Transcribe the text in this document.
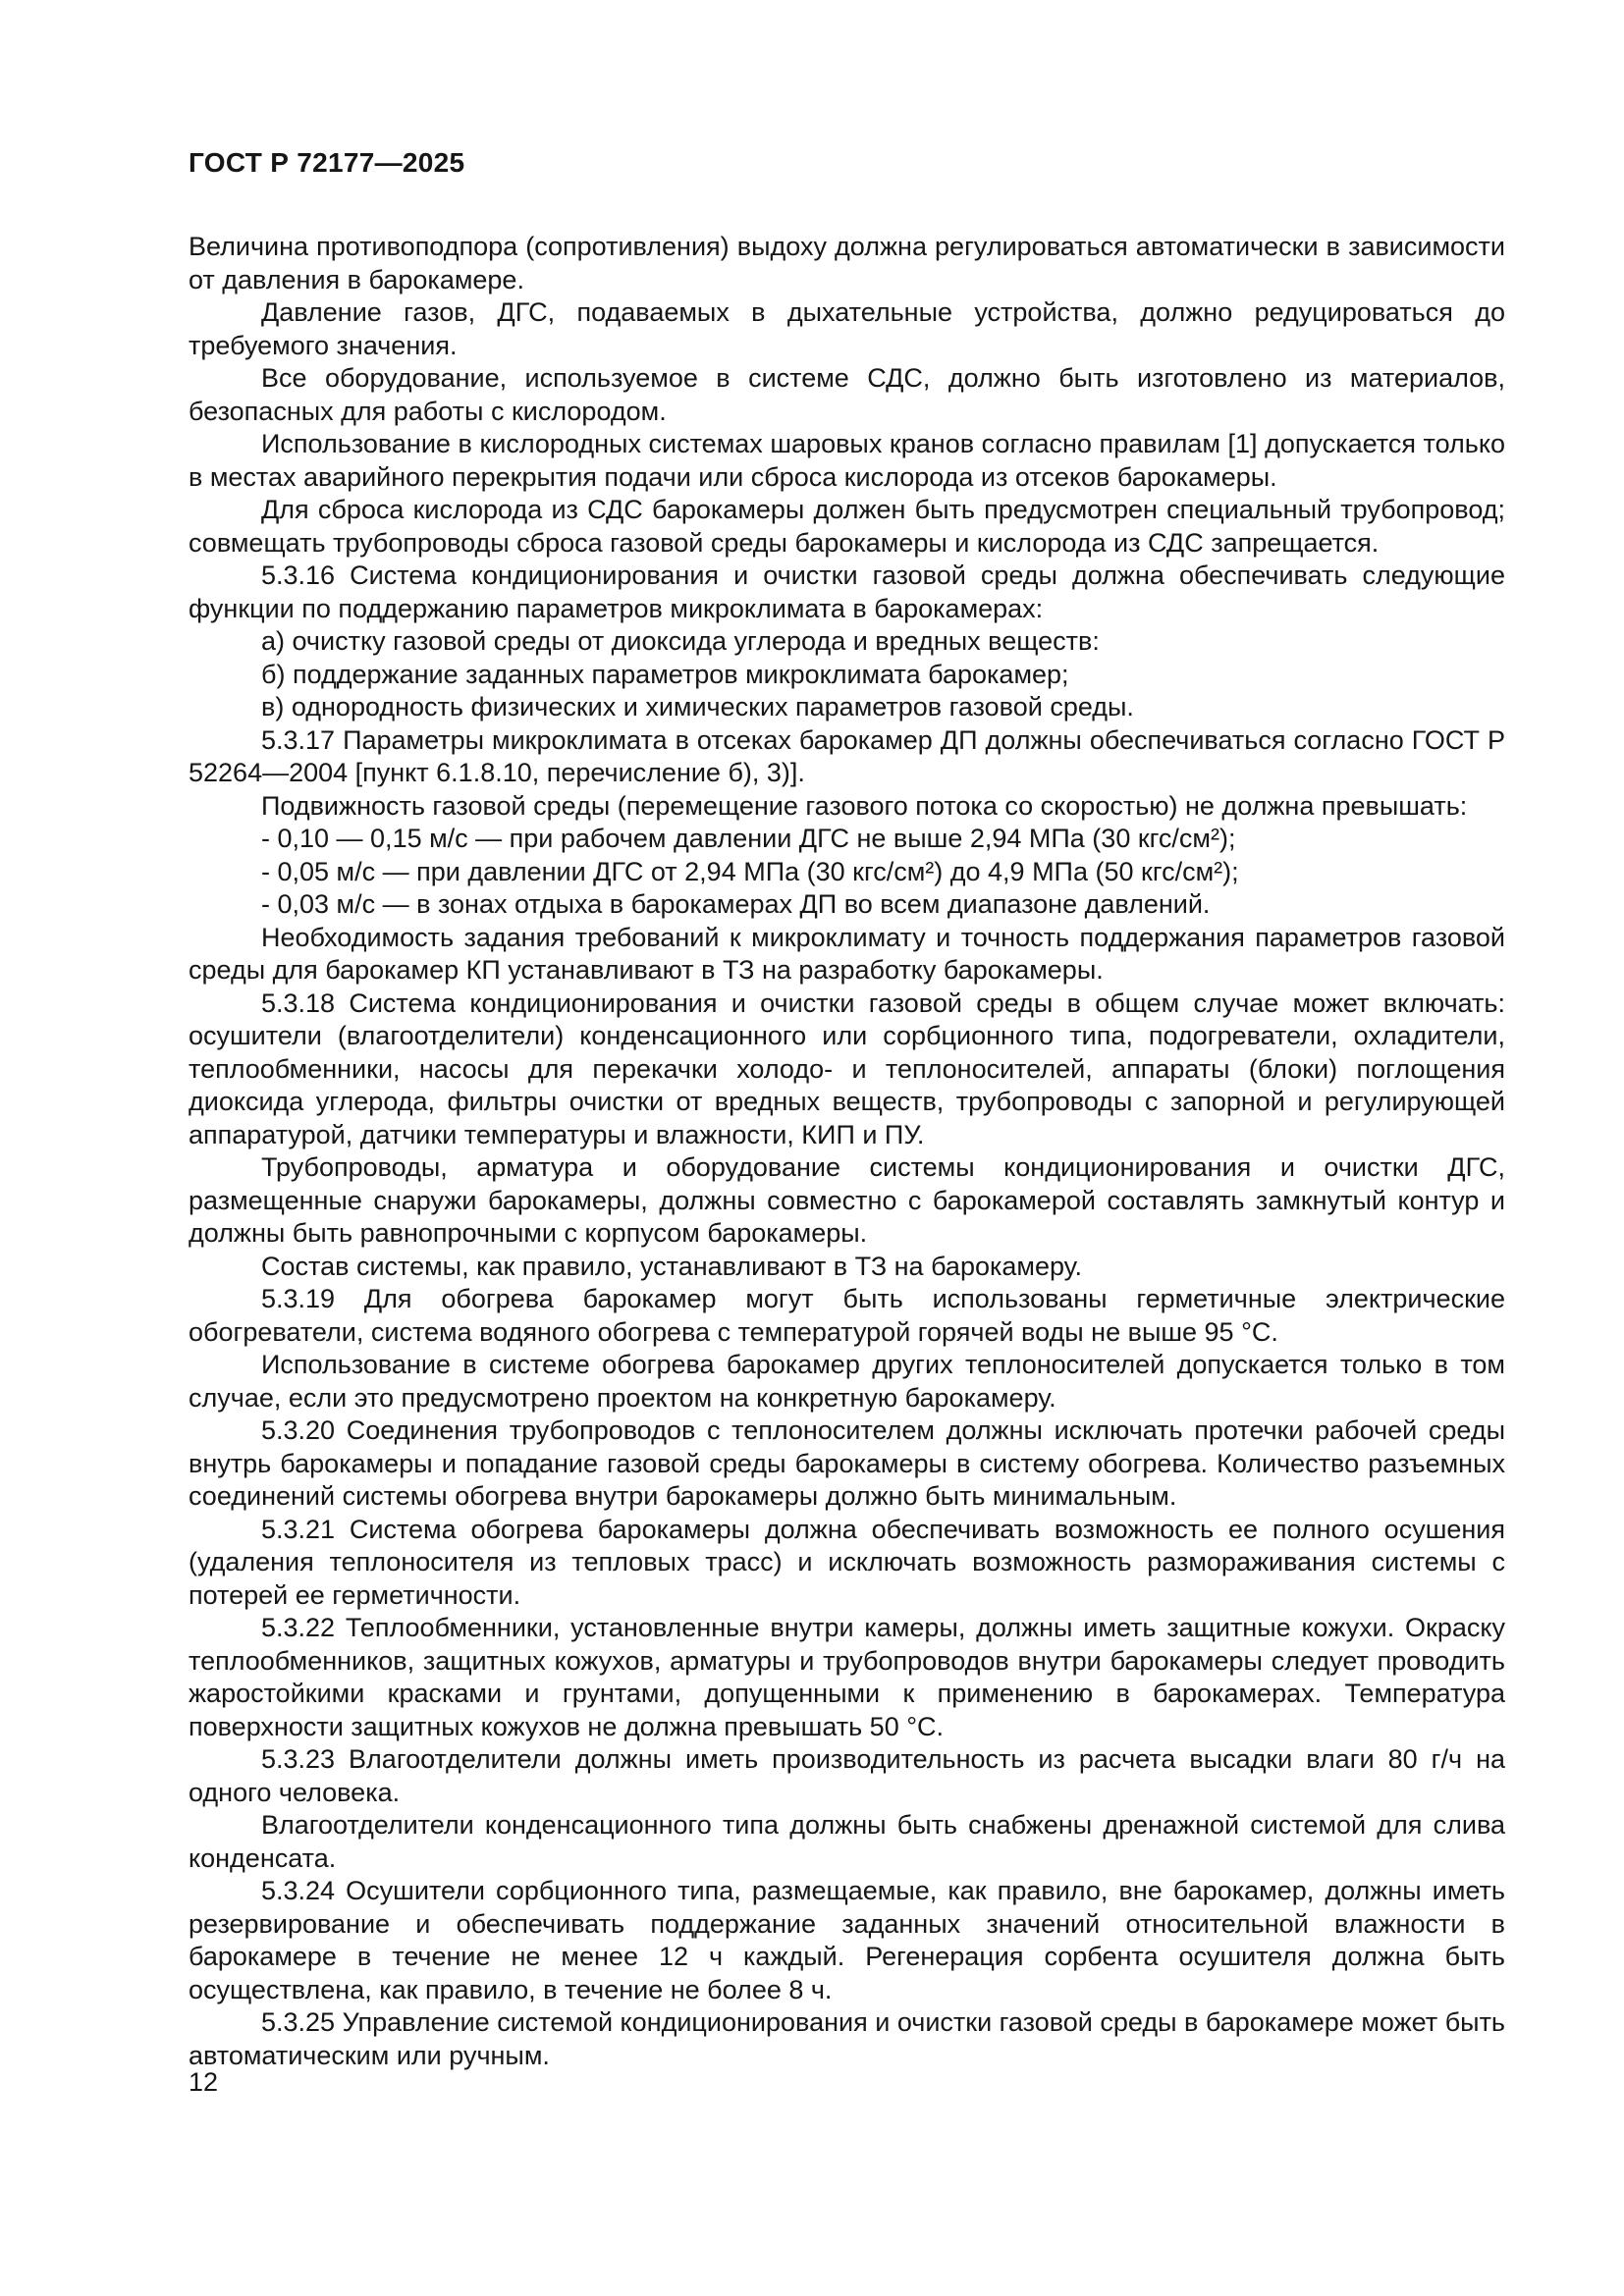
ГОСТ Р 72177—2025

Величина противоподпора (сопротивления) выдоху должна регулироваться автоматически в зависимости от давления в барокамере.

Давление газов, ДГС, подаваемых в дыхательные устройства, должно редуцироваться до требуемого значения.

Все оборудование, используемое в системе СДС, должно быть изготовлено из материалов, безопасных для работы с кислородом.

Использование в кислородных системах шаровых кранов согласно правилам [1] допускается только в местах аварийного перекрытия подачи или сброса кислорода из отсеков барокамеры.

Для сброса кислорода из СДС барокамеры должен быть предусмотрен специальный трубопровод; совмещать трубопроводы сброса газовой среды барокамеры и кислорода из СДС запрещается.

5.3.16 Система кондиционирования и очистки газовой среды должна обеспечивать следующие функции по поддержанию параметров микроклимата в барокамерах:

а) очистку газовой среды от диоксида углерода и вредных веществ:

б) поддержание заданных параметров микроклимата барокамер;

в) однородность физических и химических параметров газовой среды.

5.3.17 Параметры микроклимата в отсеках барокамер ДП должны обеспечиваться согласно ГОСТ Р 52264—2004 [пункт 6.1.8.10, перечисление б), 3)].

Подвижность газовой среды (перемещение газового потока со скоростью) не должна превышать:

- 0,10 — 0,15 м/с — при рабочем давлении ДГС не выше 2,94 МПа (30 кгс/см²);

- 0,05 м/с — при давлении ДГС от 2,94 МПа (30 кгс/см²) до 4,9 МПа (50 кгс/см²);

- 0,03 м/с — в зонах отдыха в барокамерах ДП во всем диапазоне давлений.

Необходимость задания требований к микроклимату и точность поддержания параметров газовой среды для барокамер КП устанавливают в ТЗ на разработку барокамеры.

5.3.18 Система кондиционирования и очистки газовой среды в общем случае может включать: осушители (влагоотделители) конденсационного или сорбционного типа, подогреватели, охладители, теплообменники, насосы для перекачки холодо- и теплоносителей, аппараты (блоки) поглощения диоксида углерода, фильтры очистки от вредных веществ, трубопроводы с запорной и регулирующей аппаратурой, датчики температуры и влажности, КИП и ПУ.

Трубопроводы, арматура и оборудование системы кондиционирования и очистки ДГС, размещенные снаружи барокамеры, должны совместно с барокамерой составлять замкнутый контур и должны быть равнопрочными с корпусом барокамеры.

Состав системы, как правило, устанавливают в ТЗ на барокамеру.

5.3.19 Для обогрева барокамер могут быть использованы герметичные электрические обогреватели, система водяного обогрева с температурой горячей воды не выше 95 °С.

Использование в системе обогрева барокамер других теплоносителей допускается только в том случае, если это предусмотрено проектом на конкретную барокамеру.

5.3.20 Соединения трубопроводов с теплоносителем должны исключать протечки рабочей среды внутрь барокамеры и попадание газовой среды барокамеры в систему обогрева. Количество разъемных соединений системы обогрева внутри барокамеры должно быть минимальным.

5.3.21 Система обогрева барокамеры должна обеспечивать возможность ее полного осушения (удаления теплоносителя из тепловых трасс) и исключать возможность размораживания системы с потерей ее герметичности.

5.3.22 Теплообменники, установленные внутри камеры, должны иметь защитные кожухи. Окраску теплообменников, защитных кожухов, арматуры и трубопроводов внутри барокамеры следует проводить жаростойкими красками и грунтами, допущенными к применению в барокамерах. Температура поверхности защитных кожухов не должна превышать 50 °С.

5.3.23 Влагоотделители должны иметь производительность из расчета высадки влаги 80 г/ч на одного человека.

Влагоотделители конденсационного типа должны быть снабжены дренажной системой для слива конденсата.

5.3.24 Осушители сорбционного типа, размещаемые, как правило, вне барокамер, должны иметь резервирование и обеспечивать поддержание заданных значений относительной влажности в барокамере в течение не менее 12 ч каждый. Регенерация сорбента осушителя должна быть осуществлена, как правило, в течение не более 8 ч.

5.3.25 Управление системой кондиционирования и очистки газовой среды в барокамере может быть автоматическим или ручным.

12
